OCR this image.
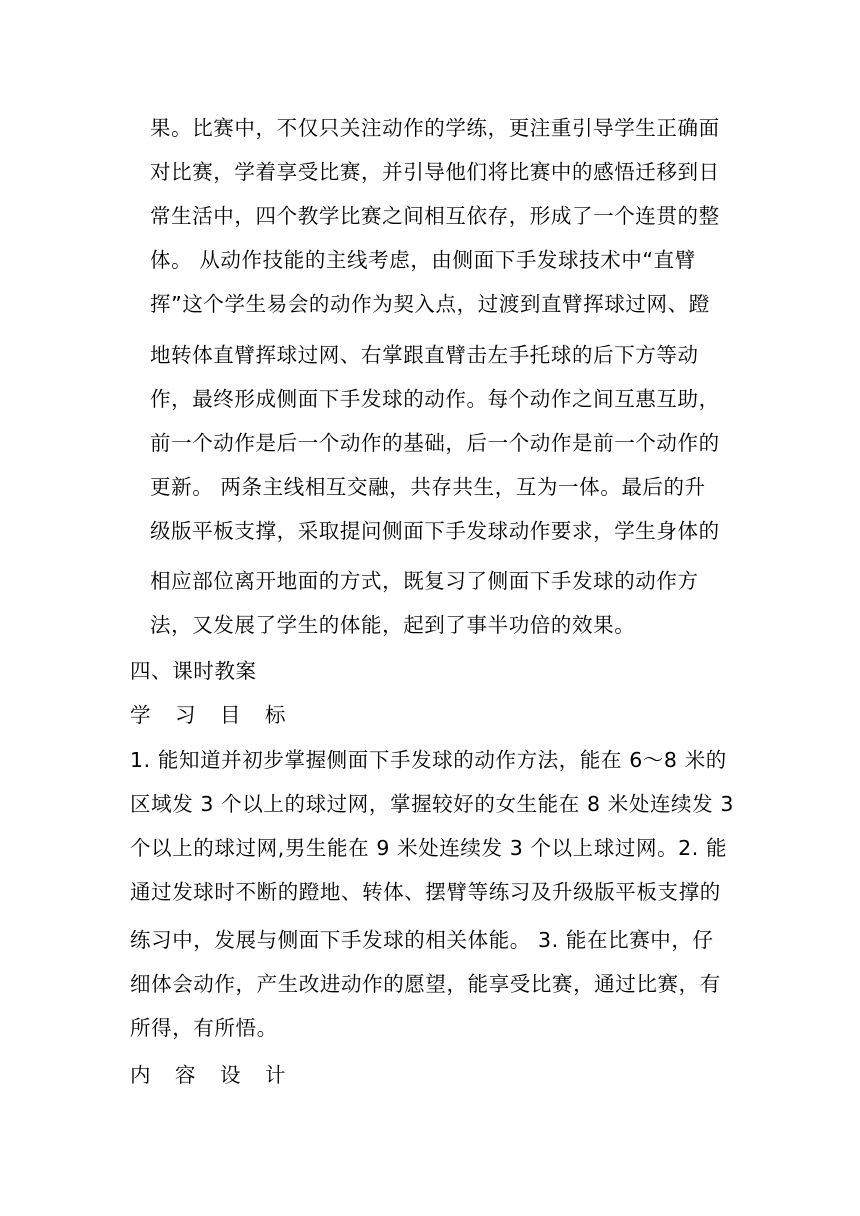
果。比赛中，不仅只关注动作的学练，更注重引导学生正确面
对比赛，学着享受比赛，并引导他们将比赛中的感悟迁移到日
常生活中，四个教学比赛之间相互依存，形成了一个连贯的整
体。 从动作技能的主线考虑，由侧面下手发球技术中“直臂
挥”这个学生易会的动作为契入点，过渡到直臂挥球过网、蹬
地转体直臂挥球过网、右掌跟直臂击左手托球的后下方等动
作，最终形成侧面下手发球的动作。每个动作之间互惠互助，
前一个动作是后一个动作的基础，后一个动作是前一个动作的
更新。 两条主线相互交融，共存共生，互为一体。最后的升
级版平板支撑，采取提问侧面下手发球动作要求，学生身体的
相应部位离开地面的方式，既复习了侧面下手发球的动作方
法，又发展了学生的体能，起到了事半功倍的效果。
四、课时教案
学 习 目 标
1. 能知道并初步掌握侧面下手发球的动作方法，能在 6～8 米的
区域发 3 个以上的球过网，掌握较好的女生能在 8 米处连续发 3
个以上的球过网,男生能在 9 米处连续发 3 个以上球过网。2. 能
通过发球时不断的蹬地、转体、摆臂等练习及升级版平板支撑的
练习中，发展与侧面下手发球的相关体能。 3. 能在比赛中，仔
细体会动作，产生改进动作的愿望，能享受比赛，通过比赛，有
所得，有所悟。
内 容 设 计
